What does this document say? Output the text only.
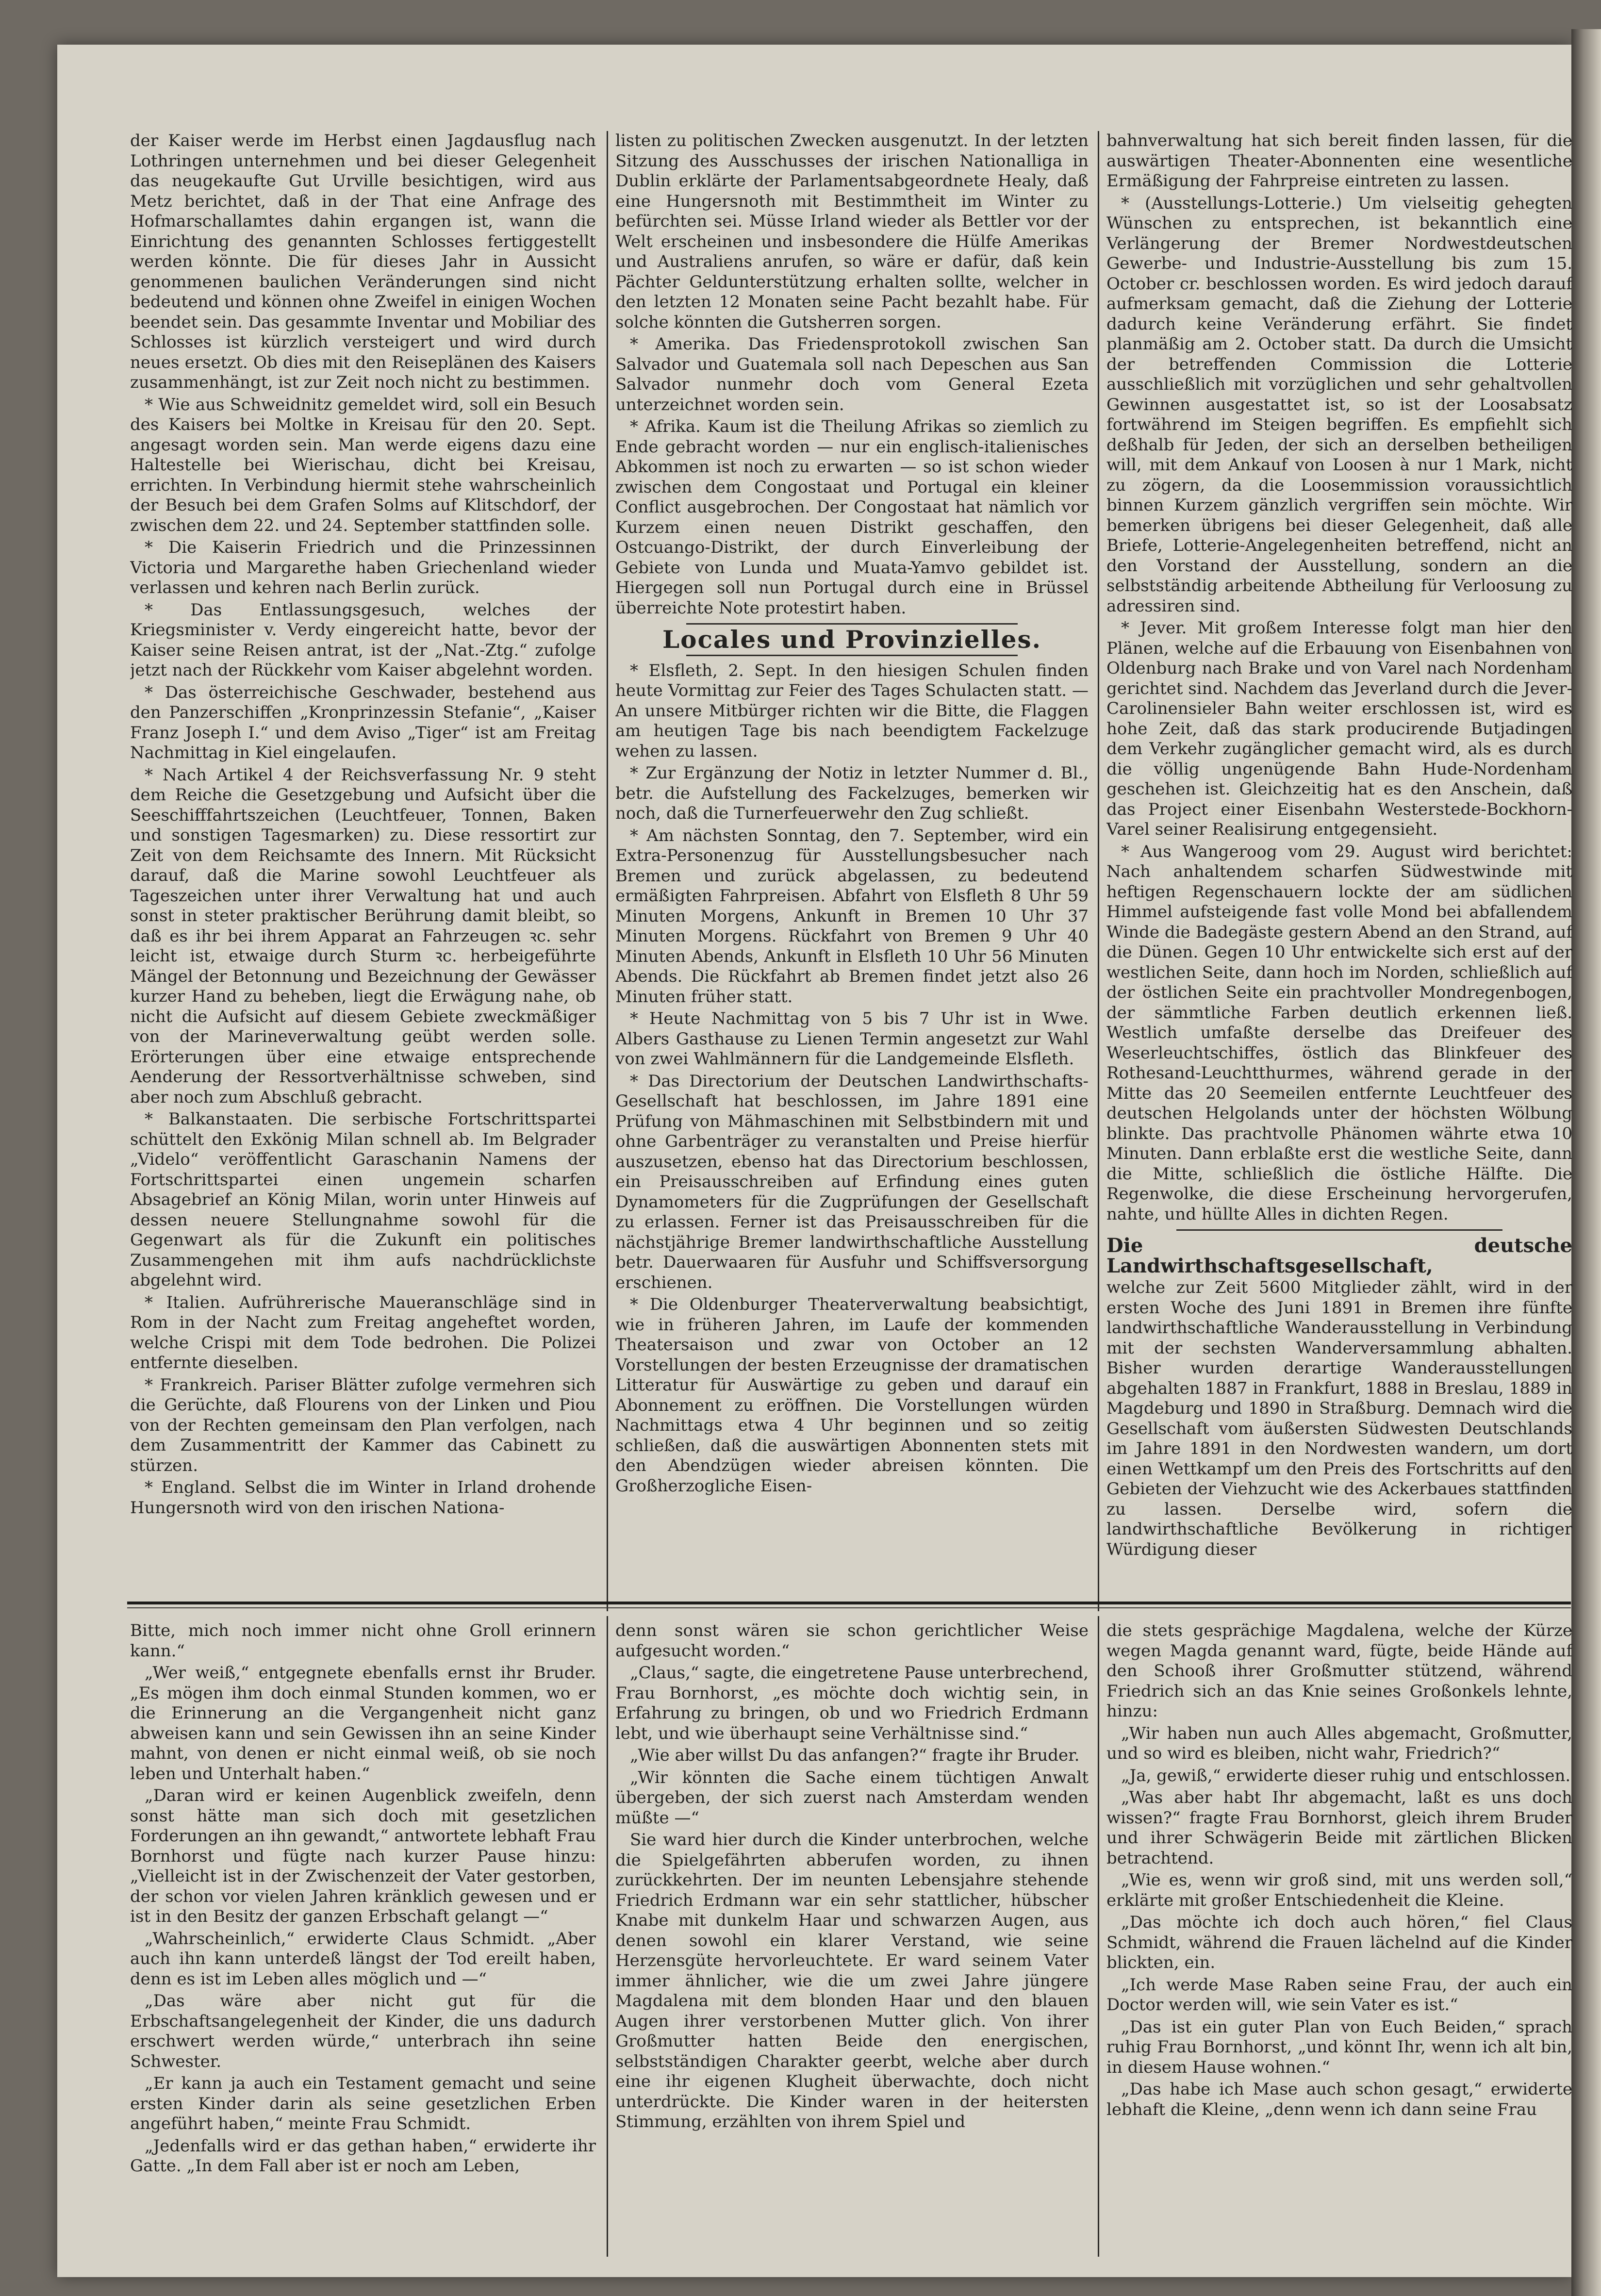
der Kaiser werde im Herbst einen Jagdausflug nach Lothringen unternehmen und bei dieser Gelegenheit das neugekaufte Gut Urville besichtigen, wird aus Metz berichtet, daß in der That eine Anfrage des Hofmarschallamtes dahin ergangen ist, wann die Einrichtung des genannten Schlosses fertiggestellt werden könnte. Die für dieses Jahr in Aussicht genommenen baulichen Veränderungen sind nicht bedeutend und können ohne Zweifel in einigen Wochen beendet sein. Das gesammte Inventar und Mobiliar des Schlosses ist kürzlich versteigert und wird durch neues ersetzt. Ob dies mit den Reiseplänen des Kaisers zusammenhängt, ist zur Zeit noch nicht zu bestimmen.

* Wie aus Schweidnitz gemeldet wird, soll ein Besuch des Kaisers bei Moltke in Kreisau für den 20. Sept. angesagt worden sein. Man werde eigens dazu eine Haltestelle bei Wierischau, dicht bei Kreisau, errichten. In Verbindung hiermit stehe wahrscheinlich der Besuch bei dem Grafen Solms auf Klitschdorf, der zwischen dem 22. und 24. September stattfinden solle.

* Die Kaiserin Friedrich und die Prinzessinnen Victoria und Margarethe haben Griechenland wieder verlassen und kehren nach Berlin zurück.

* Das Entlassungsgesuch, welches der Kriegsminister v. Verdy eingereicht hatte, bevor der Kaiser seine Reisen antrat, ist der „Nat.-Ztg.“ zufolge jetzt nach der Rückkehr vom Kaiser abgelehnt worden.

* Das österreichische Geschwader, bestehend aus den Panzerschiffen „Kronprinzessin Stefanie“, „Kaiser Franz Joseph I.“ und dem Aviso „Tiger“ ist am Freitag Nachmittag in Kiel eingelaufen.

* Nach Artikel 4 der Reichsverfassung Nr. 9 steht dem Reiche die Gesetzgebung und Aufsicht über die Seeschifffahrtszeichen (Leuchtfeuer, Tonnen, Baken und sonstigen Tagesmarken) zu. Diese ressortirt zur Zeit von dem Reichsamte des Innern. Mit Rücksicht darauf, daß die Marine sowohl Leuchtfeuer als Tageszeichen unter ihrer Verwaltung hat und auch sonst in steter praktischer Berührung damit bleibt, so daß es ihr bei ihrem Apparat an Fahrzeugen ꝛc. sehr leicht ist, etwaige durch Sturm ꝛc. herbeigeführte Mängel der Betonnung und Bezeichnung der Gewässer kurzer Hand zu beheben, liegt die Erwägung nahe, ob nicht die Aufsicht auf diesem Gebiete zweckmäßiger von der Marineverwaltung geübt werden solle. Erörterungen über eine etwaige entsprechende Aenderung der Ressortverhältnisse schweben, sind aber noch zum Abschluß gebracht.

* Balkanstaaten. Die serbische Fortschrittspartei schüttelt den Exkönig Milan schnell ab. Im Belgrader „Videlo“ veröffentlicht Garaschanin Namens der Fortschrittspartei einen ungemein scharfen Absagebrief an König Milan, worin unter Hinweis auf dessen neuere Stellungnahme sowohl für die Gegenwart als für die Zukunft ein politisches Zusammengehen mit ihm aufs nachdrücklichste abgelehnt wird.

* Italien. Aufrührerische Maueranschläge sind in Rom in der Nacht zum Freitag angeheftet worden, welche Crispi mit dem Tode bedrohen. Die Polizei entfernte dieselben.

* Frankreich. Pariser Blätter zufolge vermehren sich die Gerüchte, daß Flourens von der Linken und Piou von der Rechten gemeinsam den Plan verfolgen, nach dem Zusammentritt der Kammer das Cabinett zu stürzen.

* England. Selbst die im Winter in Irland drohende Hungersnoth wird von den irischen Nationa-

listen zu politischen Zwecken ausgenutzt. In der letzten Sitzung des Ausschusses der irischen Nationalliga in Dublin erklärte der Parlamentsabgeordnete Healy, daß eine Hungersnoth mit Bestimmtheit im Winter zu befürchten sei. Müsse Irland wieder als Bettler vor der Welt erscheinen und insbesondere die Hülfe Amerikas und Australiens anrufen, so wäre er dafür, daß kein Pächter Geldunterstützung erhalten sollte, welcher in den letzten 12 Monaten seine Pacht bezahlt habe. Für solche könnten die Gutsherren sorgen.

* Amerika. Das Friedensprotokoll zwischen San Salvador und Guatemala soll nach Depeschen aus San Salvador nunmehr doch vom General Ezeta unterzeichnet worden sein.

* Afrika. Kaum ist die Theilung Afrikas so ziemlich zu Ende gebracht worden — nur ein englisch-italienisches Abkommen ist noch zu erwarten — so ist schon wieder zwischen dem Congostaat und Portugal ein kleiner Conflict ausgebrochen. Der Congostaat hat nämlich vor Kurzem einen neuen Distrikt geschaffen, den Ostcuango-Distrikt, der durch Einverleibung der Gebiete von Lunda und Muata-Yamvo gebildet ist. Hiergegen soll nun Portugal durch eine in Brüssel überreichte Note protestirt haben.

Locales und Provinzielles.

* Elsfleth, 2. Sept. In den hiesigen Schulen finden heute Vormittag zur Feier des Tages Schulacten statt. — An unsere Mitbürger richten wir die Bitte, die Flaggen am heutigen Tage bis nach beendigtem Fackelzuge wehen zu lassen.

* Zur Ergänzung der Notiz in letzter Nummer d. Bl., betr. die Aufstellung des Fackelzuges, bemerken wir noch, daß die Turnerfeuerwehr den Zug schließt.

* Am nächsten Sonntag, den 7. September, wird ein Extra-Personenzug für Ausstellungsbesucher nach Bremen und zurück abgelassen, zu bedeutend ermäßigten Fahrpreisen. Abfahrt von Elsfleth 8 Uhr 59 Minuten Morgens, Ankunft in Bremen 10 Uhr 37 Minuten Morgens. Rückfahrt von Bremen 9 Uhr 40 Minuten Abends, Ankunft in Elsfleth 10 Uhr 56 Minuten Abends. Die Rückfahrt ab Bremen findet jetzt also 26 Minuten früher statt.

* Heute Nachmittag von 5 bis 7 Uhr ist in Wwe. Albers Gasthause zu Lienen Termin angesetzt zur Wahl von zwei Wahlmännern für die Landgemeinde Elsfleth.

* Das Directorium der Deutschen Landwirthschafts-Gesellschaft hat beschlossen, im Jahre 1891 eine Prüfung von Mähmaschinen mit Selbstbindern mit und ohne Garbenträger zu veranstalten und Preise hierfür auszusetzen, ebenso hat das Directorium beschlossen, ein Preisausschreiben auf Erfindung eines guten Dynamometers für die Zugprüfungen der Gesellschaft zu erlassen. Ferner ist das Preisausschreiben für die nächstjährige Bremer landwirthschaftliche Ausstellung betr. Dauerwaaren für Ausfuhr und Schiffsversorgung erschienen.

* Die Oldenburger Theaterverwaltung beabsichtigt, wie in früheren Jahren, im Laufe der kommenden Theatersaison und zwar von October an 12 Vorstellungen der besten Erzeugnisse der dramatischen Litteratur für Auswärtige zu geben und darauf ein Abonnement zu eröffnen. Die Vorstellungen würden Nachmittags etwa 4 Uhr beginnen und so zeitig schließen, daß die auswärtigen Abonnenten stets mit den Abendzügen wieder abreisen könnten. Die Großherzogliche Eisen-

bahnverwaltung hat sich bereit finden lassen, für die auswärtigen Theater-Abonnenten eine wesentliche Ermäßigung der Fahrpreise eintreten zu lassen.

* (Ausstellungs-Lotterie.) Um vielseitig gehegten Wünschen zu entsprechen, ist bekanntlich eine Verlängerung der Bremer Nordwestdeutschen Gewerbe- und Industrie-Ausstellung bis zum 15. October cr. beschlossen worden. Es wird jedoch darauf aufmerksam gemacht, daß die Ziehung der Lotterie dadurch keine Veränderung erfährt. Sie findet planmäßig am 2. October statt. Da durch die Umsicht der betreffenden Commission die Lotterie ausschließlich mit vorzüglichen und sehr gehaltvollen Gewinnen ausgestattet ist, so ist der Loosabsatz fortwährend im Steigen begriffen. Es empfiehlt sich deßhalb für Jeden, der sich an derselben betheiligen will, mit dem Ankauf von Loosen à nur 1 Mark, nicht zu zögern, da die Loosemmission voraussichtlich binnen Kurzem gänzlich vergriffen sein möchte. Wir bemerken übrigens bei dieser Gelegenheit, daß alle Briefe, Lotterie-Angelegenheiten betreffend, nicht an den Vorstand der Ausstellung, sondern an die selbstständig arbeitende Abtheilung für Verloosung zu adressiren sind.

* Jever. Mit großem Interesse folgt man hier den Plänen, welche auf die Erbauung von Eisenbahnen von Oldenburg nach Brake und von Varel nach Nordenham gerichtet sind. Nachdem das Jeverland durch die Jever-Carolinensieler Bahn weiter erschlossen ist, wird es hohe Zeit, daß das stark producirende Butjadingen dem Verkehr zugänglicher gemacht wird, als es durch die völlig ungenügende Bahn Hude-Nordenham geschehen ist. Gleichzeitig hat es den Anschein, daß das Project einer Eisenbahn Westerstede-Bockhorn-Varel seiner Realisirung entgegensieht.

* Aus Wangeroog vom 29. August wird berichtet: Nach anhaltendem scharfen Südwestwinde mit heftigen Regenschauern lockte der am südlichen Himmel aufsteigende fast volle Mond bei abfallendem Winde die Badegäste gestern Abend an den Strand, auf die Dünen. Gegen 10 Uhr entwickelte sich erst auf der westlichen Seite, dann hoch im Norden, schließlich auf der östlichen Seite ein prachtvoller Mondregenbogen, der sämmtliche Farben deutlich erkennen ließ. Westlich umfaßte derselbe das Dreifeuer des Weserleuchtschiffes, östlich das Blinkfeuer des Rothesand-Leuchtthurmes, während gerade in der Mitte das 20 Seemeilen entfernte Leuchtfeuer des deutschen Helgolands unter der höchsten Wölbung blinkte. Das prachtvolle Phänomen währte etwa 10 Minuten. Dann erblaßte erst die westliche Seite, dann die Mitte, schließlich die östliche Hälfte. Die Regenwolke, die diese Erscheinung hervorgerufen, nahte, und hüllte Alles in dichten Regen.

Die deutsche Landwirthschaftsgesellschaft,

welche zur Zeit 5600 Mitglieder zählt, wird in der ersten Woche des Juni 1891 in Bremen ihre fünfte landwirthschaftliche Wanderausstellung in Verbindung mit der sechsten Wanderversammlung abhalten. Bisher wurden derartige Wanderausstellungen abgehalten 1887 in Frankfurt, 1888 in Breslau, 1889 in Magdeburg und 1890 in Straßburg. Demnach wird die Gesellschaft vom äußersten Südwesten Deutschlands im Jahre 1891 in den Nordwesten wandern, um dort einen Wettkampf um den Preis des Fortschritts auf den Gebieten der Viehzucht wie des Ackerbaues stattfinden zu lassen. Derselbe wird, sofern die landwirthschaftliche Bevölkerung in richtiger Würdigung dieser

Bitte, mich noch immer nicht ohne Groll erinnern kann.“

„Wer weiß,“ entgegnete ebenfalls ernst ihr Bruder. „Es mögen ihm doch einmal Stunden kommen, wo er die Erinnerung an die Vergangenheit nicht ganz abweisen kann und sein Gewissen ihn an seine Kinder mahnt, von denen er nicht einmal weiß, ob sie noch leben und Unterhalt haben.“

„Daran wird er keinen Augenblick zweifeln, denn sonst hätte man sich doch mit gesetzlichen Forderungen an ihn gewandt,“ antwortete lebhaft Frau Bornhorst und fügte nach kurzer Pause hinzu: „Vielleicht ist in der Zwischenzeit der Vater gestorben, der schon vor vielen Jahren kränklich gewesen und er ist in den Besitz der ganzen Erbschaft gelangt —“

„Wahrscheinlich,“ erwiderte Claus Schmidt. „Aber auch ihn kann unterdeß längst der Tod ereilt haben, denn es ist im Leben alles möglich und —“

„Das wäre aber nicht gut für die Erbschaftsangelegenheit der Kinder, die uns dadurch erschwert werden würde,“ unterbrach ihn seine Schwester.

„Er kann ja auch ein Testament gemacht und seine ersten Kinder darin als seine gesetzlichen Erben angeführt haben,“ meinte Frau Schmidt.

„Jedenfalls wird er das gethan haben,“ erwiderte ihr Gatte. „In dem Fall aber ist er noch am Leben,

denn sonst wären sie schon gerichtlicher Weise aufgesucht worden.“

„Claus,“ sagte, die eingetretene Pause unterbrechend, Frau Bornhorst, „es möchte doch wichtig sein, in Erfahrung zu bringen, ob und wo Friedrich Erdmann lebt, und wie überhaupt seine Verhältnisse sind.“

„Wie aber willst Du das anfangen?“ fragte ihr Bruder.

„Wir könnten die Sache einem tüchtigen Anwalt übergeben, der sich zuerst nach Amsterdam wenden müßte —“

Sie ward hier durch die Kinder unterbrochen, welche die Spielgefährten abberufen worden, zu ihnen zurückkehrten. Der im neunten Lebensjahre stehende Friedrich Erdmann war ein sehr stattlicher, hübscher Knabe mit dunkelm Haar und schwarzen Augen, aus denen sowohl ein klarer Verstand, wie seine Herzensgüte hervorleuchtete. Er ward seinem Vater immer ähnlicher, wie die um zwei Jahre jüngere Magdalena mit dem blonden Haar und den blauen Augen ihrer verstorbenen Mutter glich. Von ihrer Großmutter hatten Beide den energischen, selbstständigen Charakter geerbt, welche aber durch eine ihr eigenen Klugheit überwachte, doch nicht unterdrückte. Die Kinder waren in der heitersten Stimmung, erzählten von ihrem Spiel und

die stets gesprächige Magdalena, welche der Kürze wegen Magda genannt ward, fügte, beide Hände auf den Schooß ihrer Großmutter stützend, während Friedrich sich an das Knie seines Großonkels lehnte, hinzu:

„Wir haben nun auch Alles abgemacht, Großmutter, und so wird es bleiben, nicht wahr, Friedrich?“

„Ja, gewiß,“ erwiderte dieser ruhig und entschlossen.

„Was aber habt Ihr abgemacht, laßt es uns doch wissen?“ fragte Frau Bornhorst, gleich ihrem Bruder und ihrer Schwägerin Beide mit zärtlichen Blicken betrachtend.

„Wie es, wenn wir groß sind, mit uns werden soll,“ erklärte mit großer Entschiedenheit die Kleine.

„Das möchte ich doch auch hören,“ fiel Claus Schmidt, während die Frauen lächelnd auf die Kinder blickten, ein.

„Ich werde Mase Raben seine Frau, der auch ein Doctor werden will, wie sein Vater es ist.“

„Das ist ein guter Plan von Euch Beiden,“ sprach ruhig Frau Bornhorst, „und könnt Ihr, wenn ich alt bin, in diesem Hause wohnen.“

„Das habe ich Mase auch schon gesagt,“ erwiderte lebhaft die Kleine, „denn wenn ich dann seine Frau
